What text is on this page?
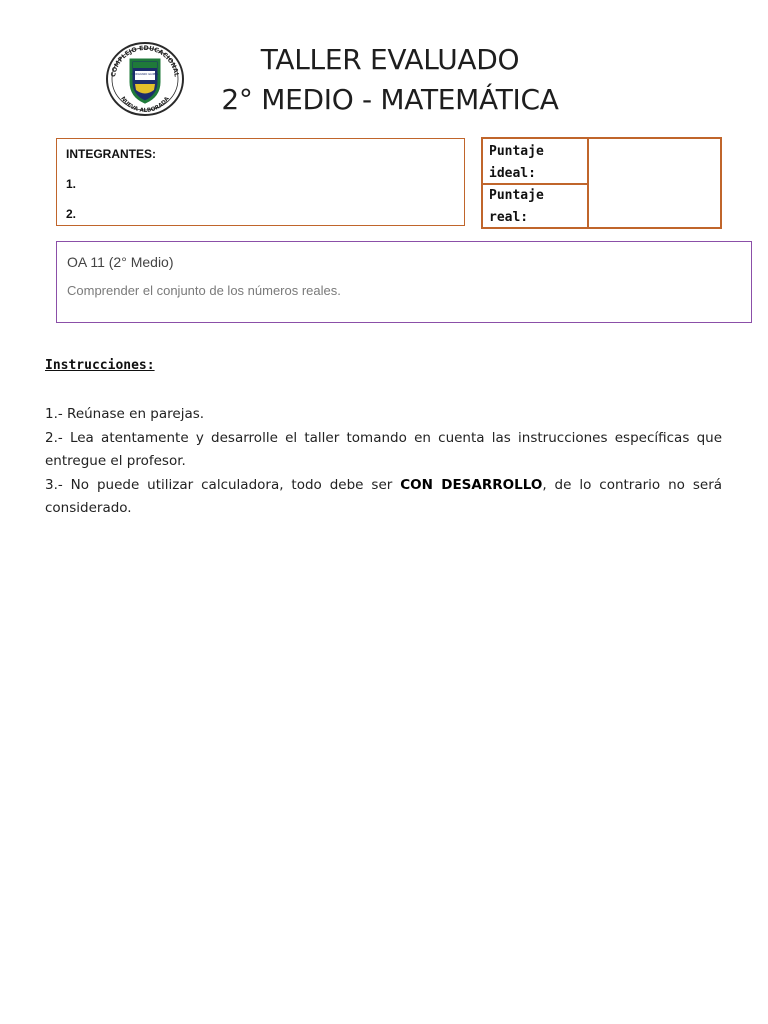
COMPLEJO EDUCACIONAL
NUEVA ALBORADA
CIUDADANO GLOBAL	TALLER EVALUADO
2° MEDIO - MATEMÁTICA
INTEGRANTES:
1.
2.
Puntaje ideal:
Puntaje real:
OA 11 (2° Medio)
Comprender el conjunto de los números reales.
Instrucciones:

1.- Reúnase en parejas.

2.- Lea atentamente y desarrolle el taller tomando en cuenta las instrucciones específicas que entregue el profesor.

3.- No puede utilizar calculadora, todo debe ser CON DESARROLLO, de lo contrario no será considerado.
